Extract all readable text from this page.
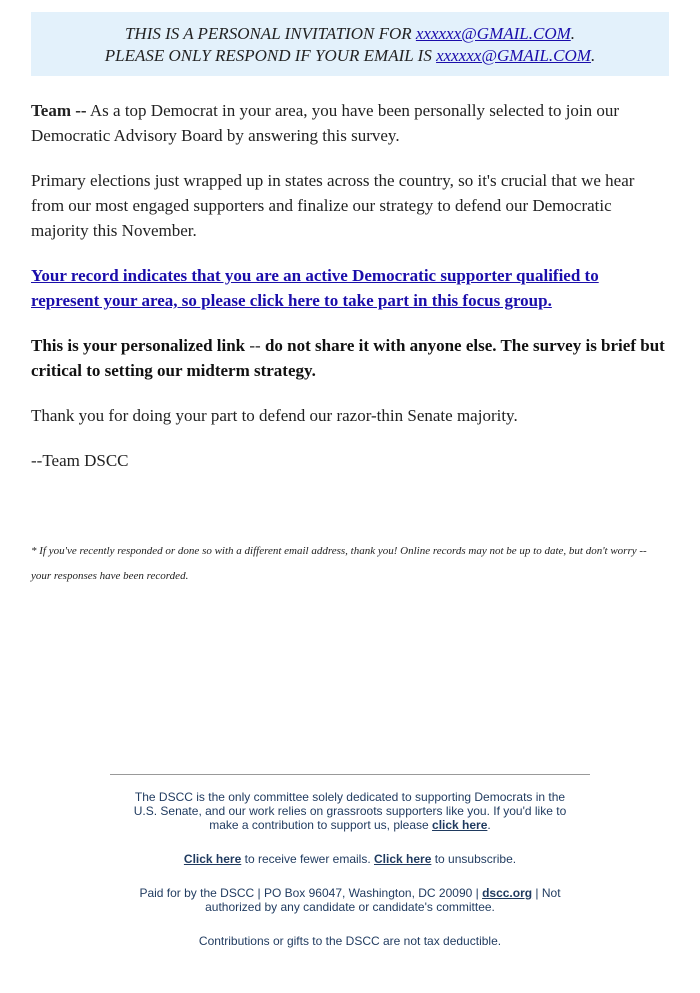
THIS IS A PERSONAL INVITATION FOR xxxxxx@GMAIL.COM.
PLEASE ONLY RESPOND IF YOUR EMAIL IS xxxxxx@GMAIL.COM.

Team -- As a top Democrat in your area, you have been personally selected to join our Democratic Advisory Board by answering this survey.

Primary elections just wrapped up in states across the country, so it's crucial that we hear from our most engaged supporters and finalize our strategy to defend our Democratic majority this November.

Your record indicates that you are an active Democratic supporter qualified to represent your area, so please click here to take part in this focus group.

This is your personalized link -- do not share it with anyone else. The survey is brief but critical to setting our midterm strategy.

Thank you for doing your part to defend our razor-thin Senate majority.

--Team DSCC

* If you've recently responded or done so with a different email address, thank you! Online records may not be up to date, but don't worry -- your responses have been recorded.

The DSCC is the only committee solely dedicated to supporting Democrats in the U.S. Senate, and our work relies on grassroots supporters like you. If you'd like to make a contribution to support us, please click here.

Click here to receive fewer emails. Click here to unsubscribe.

Paid for by the DSCC | PO Box 96047, Washington, DC 20090 | dscc.org | Not authorized by any candidate or candidate's committee.

Contributions or gifts to the DSCC are not tax deductible.
